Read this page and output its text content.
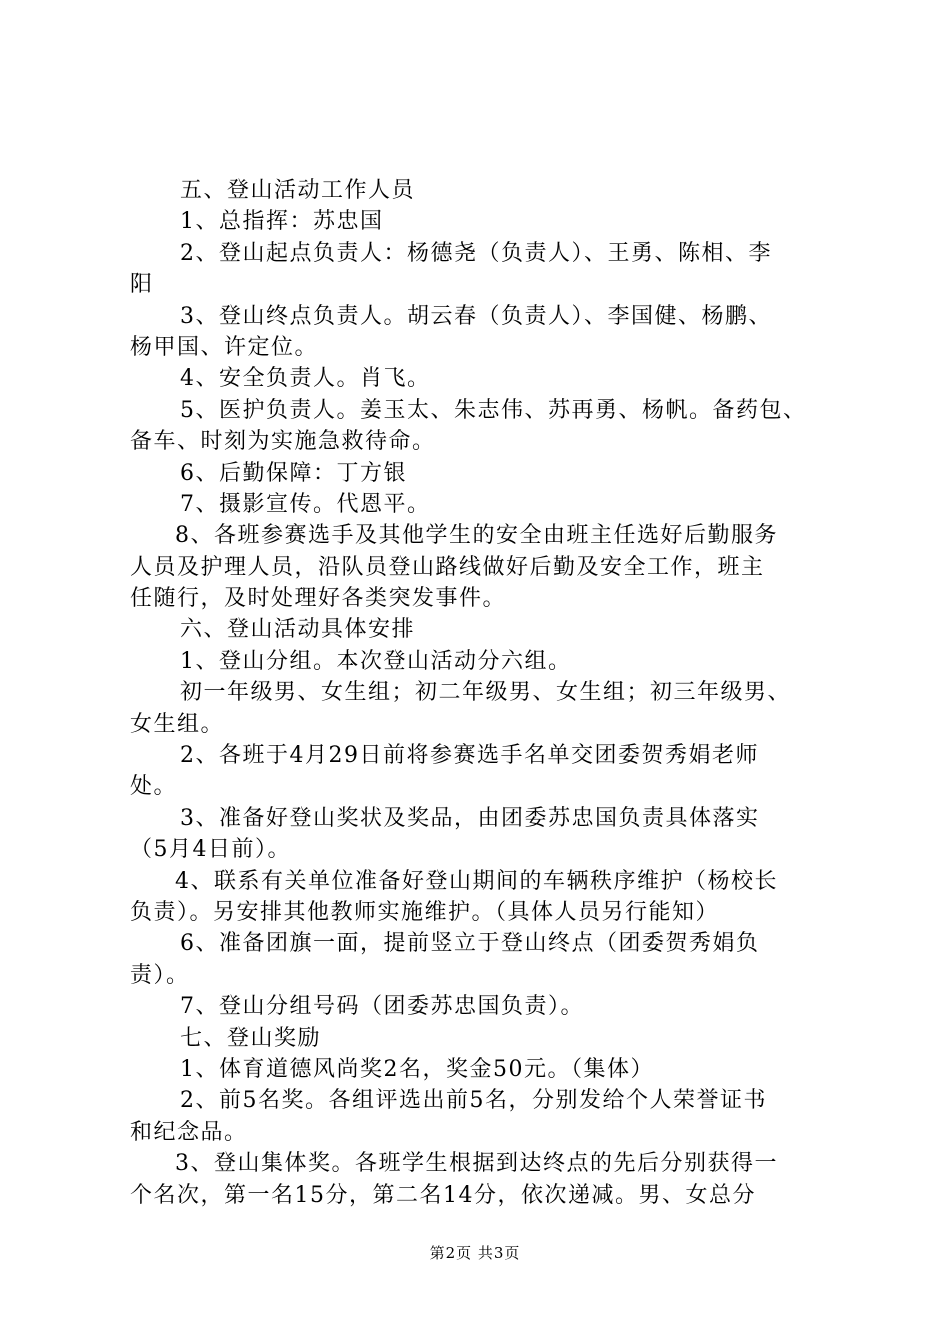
五、登山活动工作人员
1、总指挥：苏忠国
2、登山起点负责人：杨德尧（负责人）、王勇、陈相、李
阳
3、登山终点负责人。胡云春（负责人）、李国健、杨鹏、
杨甲国、许定位。
4、安全负责人。肖飞。
5、医护负责人。姜玉太、朱志伟、苏再勇、杨帆。备药包、
备车、时刻为实施急救待命。
6、后勤保障：丁方银
7、摄影宣传。代恩平。
8、各班参赛选手及其他学生的安全由班主任选好后勤服务
人员及护理人员，沿队员登山路线做好后勤及安全工作，班主
任随行，及时处理好各类突发事件。
六、登山活动具体安排
1、登山分组。本次登山活动分六组。
初一年级男、女生组；初二年级男、女生组；初三年级男、
女生组。
2、各班于4月29日前将参赛选手名单交团委贺秀娟老师
处。
3、准备好登山奖状及奖品，由团委苏忠国负责具体落实
（5月4日前）。
4、联系有关单位准备好登山期间的车辆秩序维护（杨校长
负责）。另安排其他教师实施维护。（具体人员另行能知）
6、准备团旗一面，提前竖立于登山终点（团委贺秀娟负
责）。
7、登山分组号码（团委苏忠国负责）。
七、登山奖励
1、体育道德风尚奖2名，奖金50元。（集体）
2、前5名奖。各组评选出前5名，分别发给个人荣誉证书
和纪念品。
3、登山集体奖。各班学生根据到达终点的先后分别获得一
个名次，第一名15分，第二名14分，依次递减。男、女总分
第2页 共3页
